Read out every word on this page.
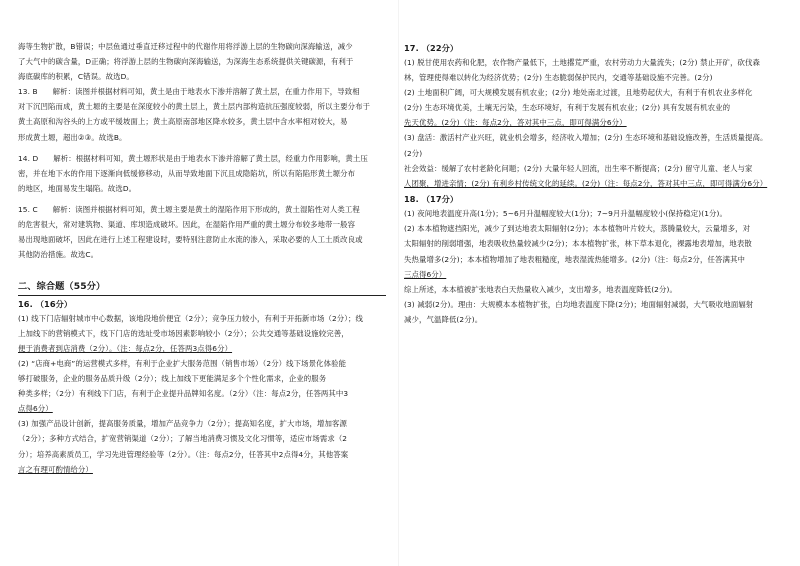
海等生物扩散，B错误；中层鱼通过垂直迁移过程中的代谢作用将浮游上层的生物碳向深海输送，减少

了大气中的碳含量，D正确；将浮游上层的生物碳向深海输送，为深海生态系统提供关键碳源，有利于

海底碳库的积累，C错误。故选D。

13. B　　解析：读图并根据材料可知，黄土是由于地表水下渗并溶解了黄土层，在重力作用下，导致相

对下沉凹陷而成，黄土塬的主要是在深度较小的黄土层上，黄土层内部构造抗压强度较弱，所以主要分布于

黄土高原和沟谷头的上方或平缓坡面上；黄土高原南部地区降水较多，黄土层中含水率相对较大，易

形成黄土塬，超出②③。故选B。

14. D　　解析：根据材料可知，黄土塬形状是由于地表水下渗并溶解了黄土层，经重力作用影响，黄土压

密，并在地下水的作用下逐渐向低缓修移动，从而导致地面下沉且成隐陷坑，所以有陷陷形黄土塬分布

的地区，地面易发生塌陷。故选D。

15. C　　解析：读图并根据材料可知，黄土塬主要是黄土的湿陷作用下形成的，黄土湿陷性对人类工程

的危害很大，常对建筑物、渠道、库坝造成破坏。因此，在湿陷作用严重的黄土塬分布较多地带一般容

易出现地面破坏，因此在进行上述工程建设时，要特别注意防止水流的渗入，采取必要的人工土质改良或

其他防治措施。故选C。

二、综合题（55分）
16. （16分）

(1) 线下门店辐射城市中心数据，该地段地价便宜（2分）；竞争压力较小，有利于开拓新市场（2分）；线

上加线下的营销模式下，线下门店的选址受市场因素影响较小（2分）；公共交通等基础设施较完善，

便于消费者到店消费（2分）。（注：每点2分，任答两3点得6分）

(2) “店商+电商”的运营模式多样，有利于企业扩大服务范围（销售市场）（2分）线下场景化体验能

够打破服务，企业的服务品质升级（2分）；线上加线下更能满足多个个性化需求，企业的服务

种类多样；（2分）有利线下门店，有利于企业提升品牌知名度。（2分）（注：每点2分，任答两其中3

点得6分）

(3) 加强产品设计创新，提高服务质量，增加产品竞争力（2分）；提高知名度，扩大市场，增加客源

（2分）；多种方式结合，扩宽营销渠道（2分）；了解当地消费习惯及文化习惯等，适应市场需求（2

分）；培养高素质员工，学习先进管理经验等（2分）。（注：每点2分，任答其中2点得4分，其他答案

言之有理可酌情给分）

17. （22分）

(1) 脱甘使用农药和化肥，农作物产量低下，土地撂荒严重，农村劳动力大量流失；(2分) 禁止开矿，砍伐森

林，管理使得难以转化为经济优势；(2分) 生态脆弱保护民内，交通等基础设施不完善。(2分)

(2) 土地面积广阔，可大规模发展有机农业；(2分) 地处南北过渡，且地势起伏大，有利于有机农业多样化

(2分) 生态环境优美，土壤无污染，生态环境好，有利于发展有机农业；(2分) 具有发展有机农业的

先天优势。(2分)（注：每点2分，答对其中三点，即可得满分6分）

(3) 盘活：激活村产业兴旺，就业机会增多，经济收入增加；(2分) 生态环境和基础设施改善，生活质量提高。

(2分)

社会效益：缓解了农村老龄化问题；(2分) 大量年轻人回流，出生率不断提高；(2分) 留守儿童、老人与家

人团聚，增进亲情；(2分) 有利乡村传统文化的延续。(2分)（注：每点2分，答对其中三点，即可得满分6分）

18. （17分）

(1) 夜间地表温度升高(1分)；5~6月升温幅度较大(1分)；7~9月升温幅度较小(保持稳定)(1分)。

(2) 本本植物遮挡阳光，减少了到达地表太阳辐射(2分)；本本植物叶片较大，蒸腾量较大，云量增多，对

太阳辐射的削弱增强，地表吸收热量较减少(2分)；本本植物扩张，林下草本退化，裸露地表增加，地表散

失热量增多(2分)；本本植物增加了地表粗糙度，地表湿流热能增多。(2分)（注：每点2分，任答满其中

三点得6分）

综上所述，本本植被扩张地表白天热量收入减少，支出增多，地表温度降低(2分)。

(3) 减弱(2分)。理由：大规模本本植物扩张，白均地表温度下降(2分)；地面辐射减弱，大气吸收地面辐射

减少，气温降低(2分)。
